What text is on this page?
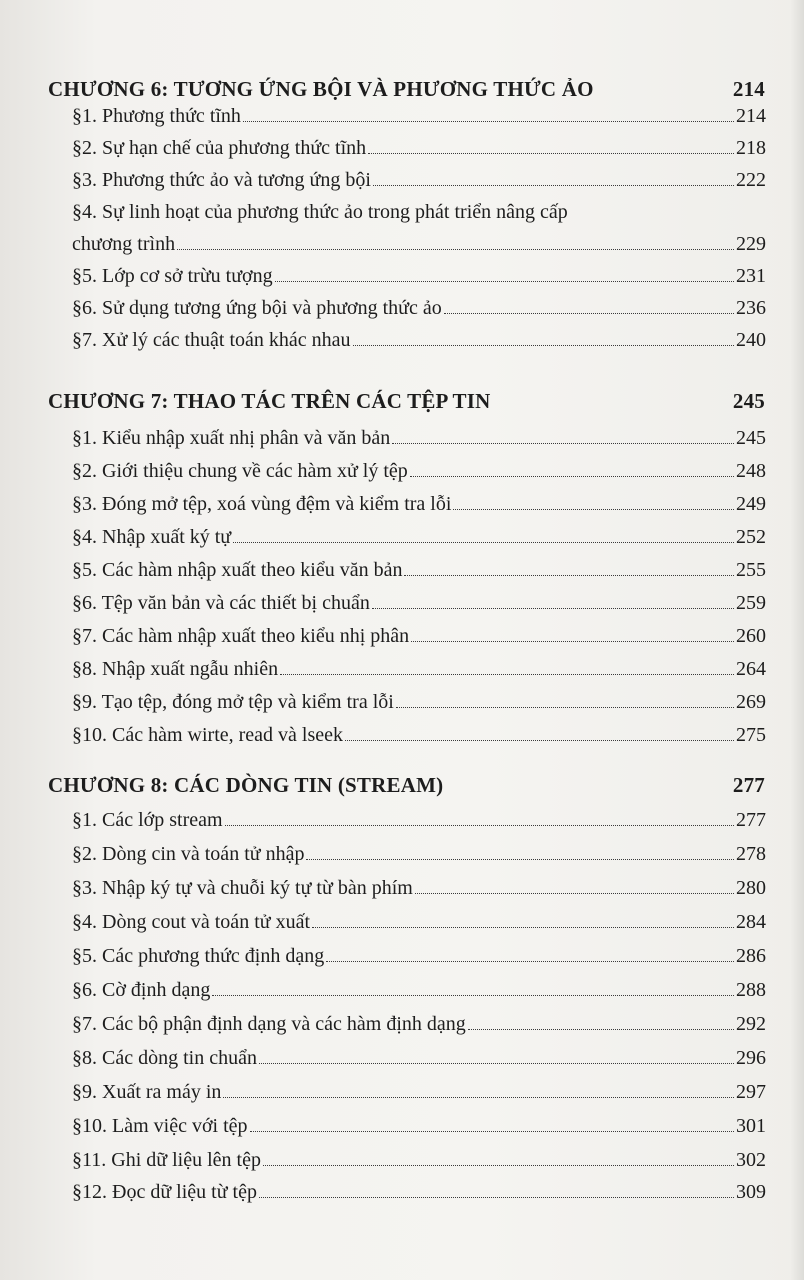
CHƯƠNG 6: TƯƠNG ỨNG BỘI VÀ PHƯƠNG THỨC ẢO	214
§1. Phương thức tĩnh	214
§2. Sự hạn chế của phương thức tĩnh	218
§3. Phương thức ảo và tương ứng bội	222
§4. Sự linh hoạt của phương thức ảo trong phát triển nâng cấp
chương trình	229
§5. Lớp cơ sở trừu tượng	231
§6. Sử dụng tương ứng bội và phương thức ảo	236
§7. Xử lý các thuật toán khác nhau	240
CHƯƠNG 7: THAO TÁC TRÊN CÁC TỆP TIN	245
§1. Kiểu nhập xuất nhị phân và văn bản	245
§2. Giới thiệu chung về các hàm xử lý tệp	248
§3. Đóng mở tệp, xoá vùng đệm và kiểm tra lỗi	249
§4. Nhập xuất ký tự	252
§5. Các hàm nhập xuất theo kiểu văn bản	255
§6. Tệp văn bản và các thiết bị chuẩn	259
§7. Các hàm nhập xuất theo kiểu nhị phân	260
§8. Nhập xuất ngẫu nhiên	264
§9. Tạo tệp, đóng mở tệp và kiểm tra lỗi	269
§10. Các hàm wirte, read và lseek	275
CHƯƠNG 8: CÁC DÒNG TIN (STREAM)	277
§1. Các lớp stream	277
§2. Dòng cin và toán tử nhập	278
§3. Nhập ký tự và chuỗi ký tự từ bàn phím	280
§4. Dòng cout và toán tử xuất	284
§5. Các phương thức định dạng	286
§6. Cờ định dạng	288
§7. Các bộ phận định dạng và các hàm định dạng	292
§8. Các dòng tin chuẩn	296
§9. Xuất ra máy in	297
§10. Làm việc với tệp	301
§11. Ghi dữ liệu lên tệp	302
§12. Đọc dữ liệu từ tệp	309
